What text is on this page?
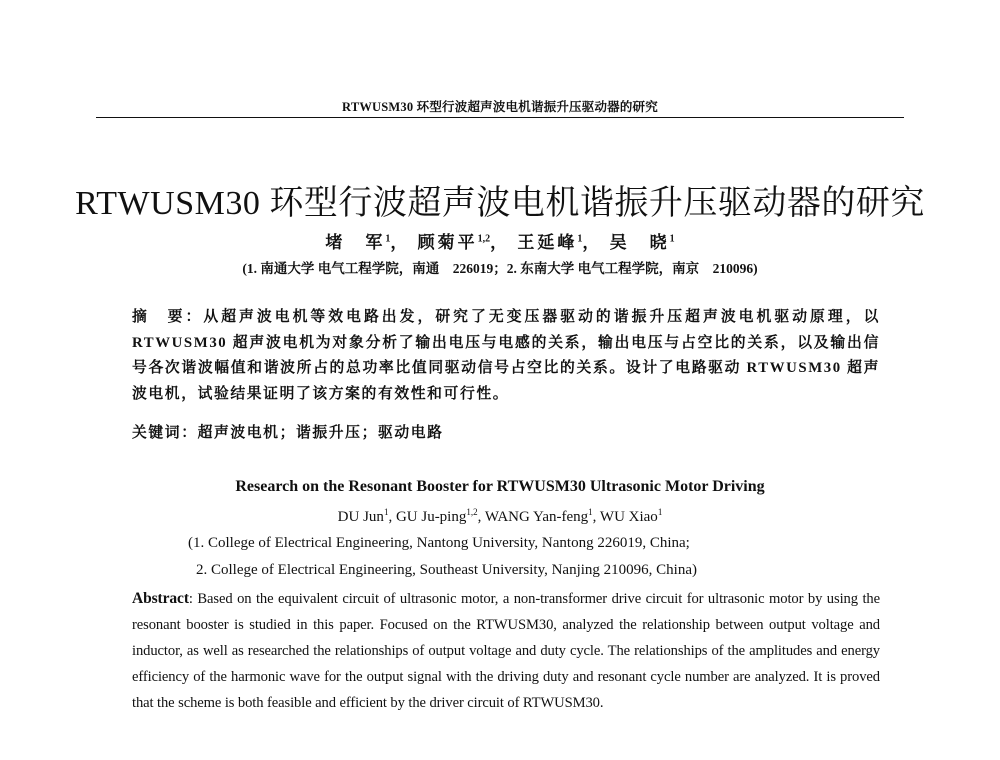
RTWUSM30 环型行波超声波电机谐振升压驱动器的研究
RTWUSM30 环型行波超声波电机谐振升压驱动器的研究
堵　军$^1$， 顾菊平$^{1,2}$， 王延峰$^1$， 吴　晓$^1$
(1. 南通大学 电气工程学院，南通　226019；2. 东南大学 电气工程学院，南京　210096)
摘　要：从超声波电机等效电路出发，研究了无变压器驱动的谐振升压超声波电机驱动原理，以 RTWUSM30 超声波电机为对象分析了输出电压与电感的关系，输出电压与占空比的关系，以及输出信号各次谐波幅值和谐波所占的总功率比值同驱动信号占空比的关系。设计了电路驱动 RTWUSM30 超声波电机，试验结果证明了该方案的有效性和可行性。
关键词：超声波电机；谐振升压；驱动电路
Research on the Resonant Booster for RTWUSM30 Ultrasonic Motor Driving
DU Jun$^1$, GU Ju-ping$^{1,2}$, WANG Yan-feng$^1$, WU Xiao$^1$
(1. College of Electrical Engineering, Nantong University, Nantong 226019, China;
2. College of Electrical Engineering, Southeast University, Nanjing 210096, China)
Abstract: Based on the equivalent circuit of ultrasonic motor, a non-transformer drive circuit for ultrasonic motor by using the resonant booster is studied in this paper. Focused on the RTWUSM30, analyzed the relationship between output voltage and inductor, as well as researched the relationships of output voltage and duty cycle. The relationships of the amplitudes and energy efficiency of the harmonic wave for the output signal with the driving duty and resonant cycle number are analyzed. It is proved that the scheme is both feasible and efficient by the driver circuit of RTWUSM30.
